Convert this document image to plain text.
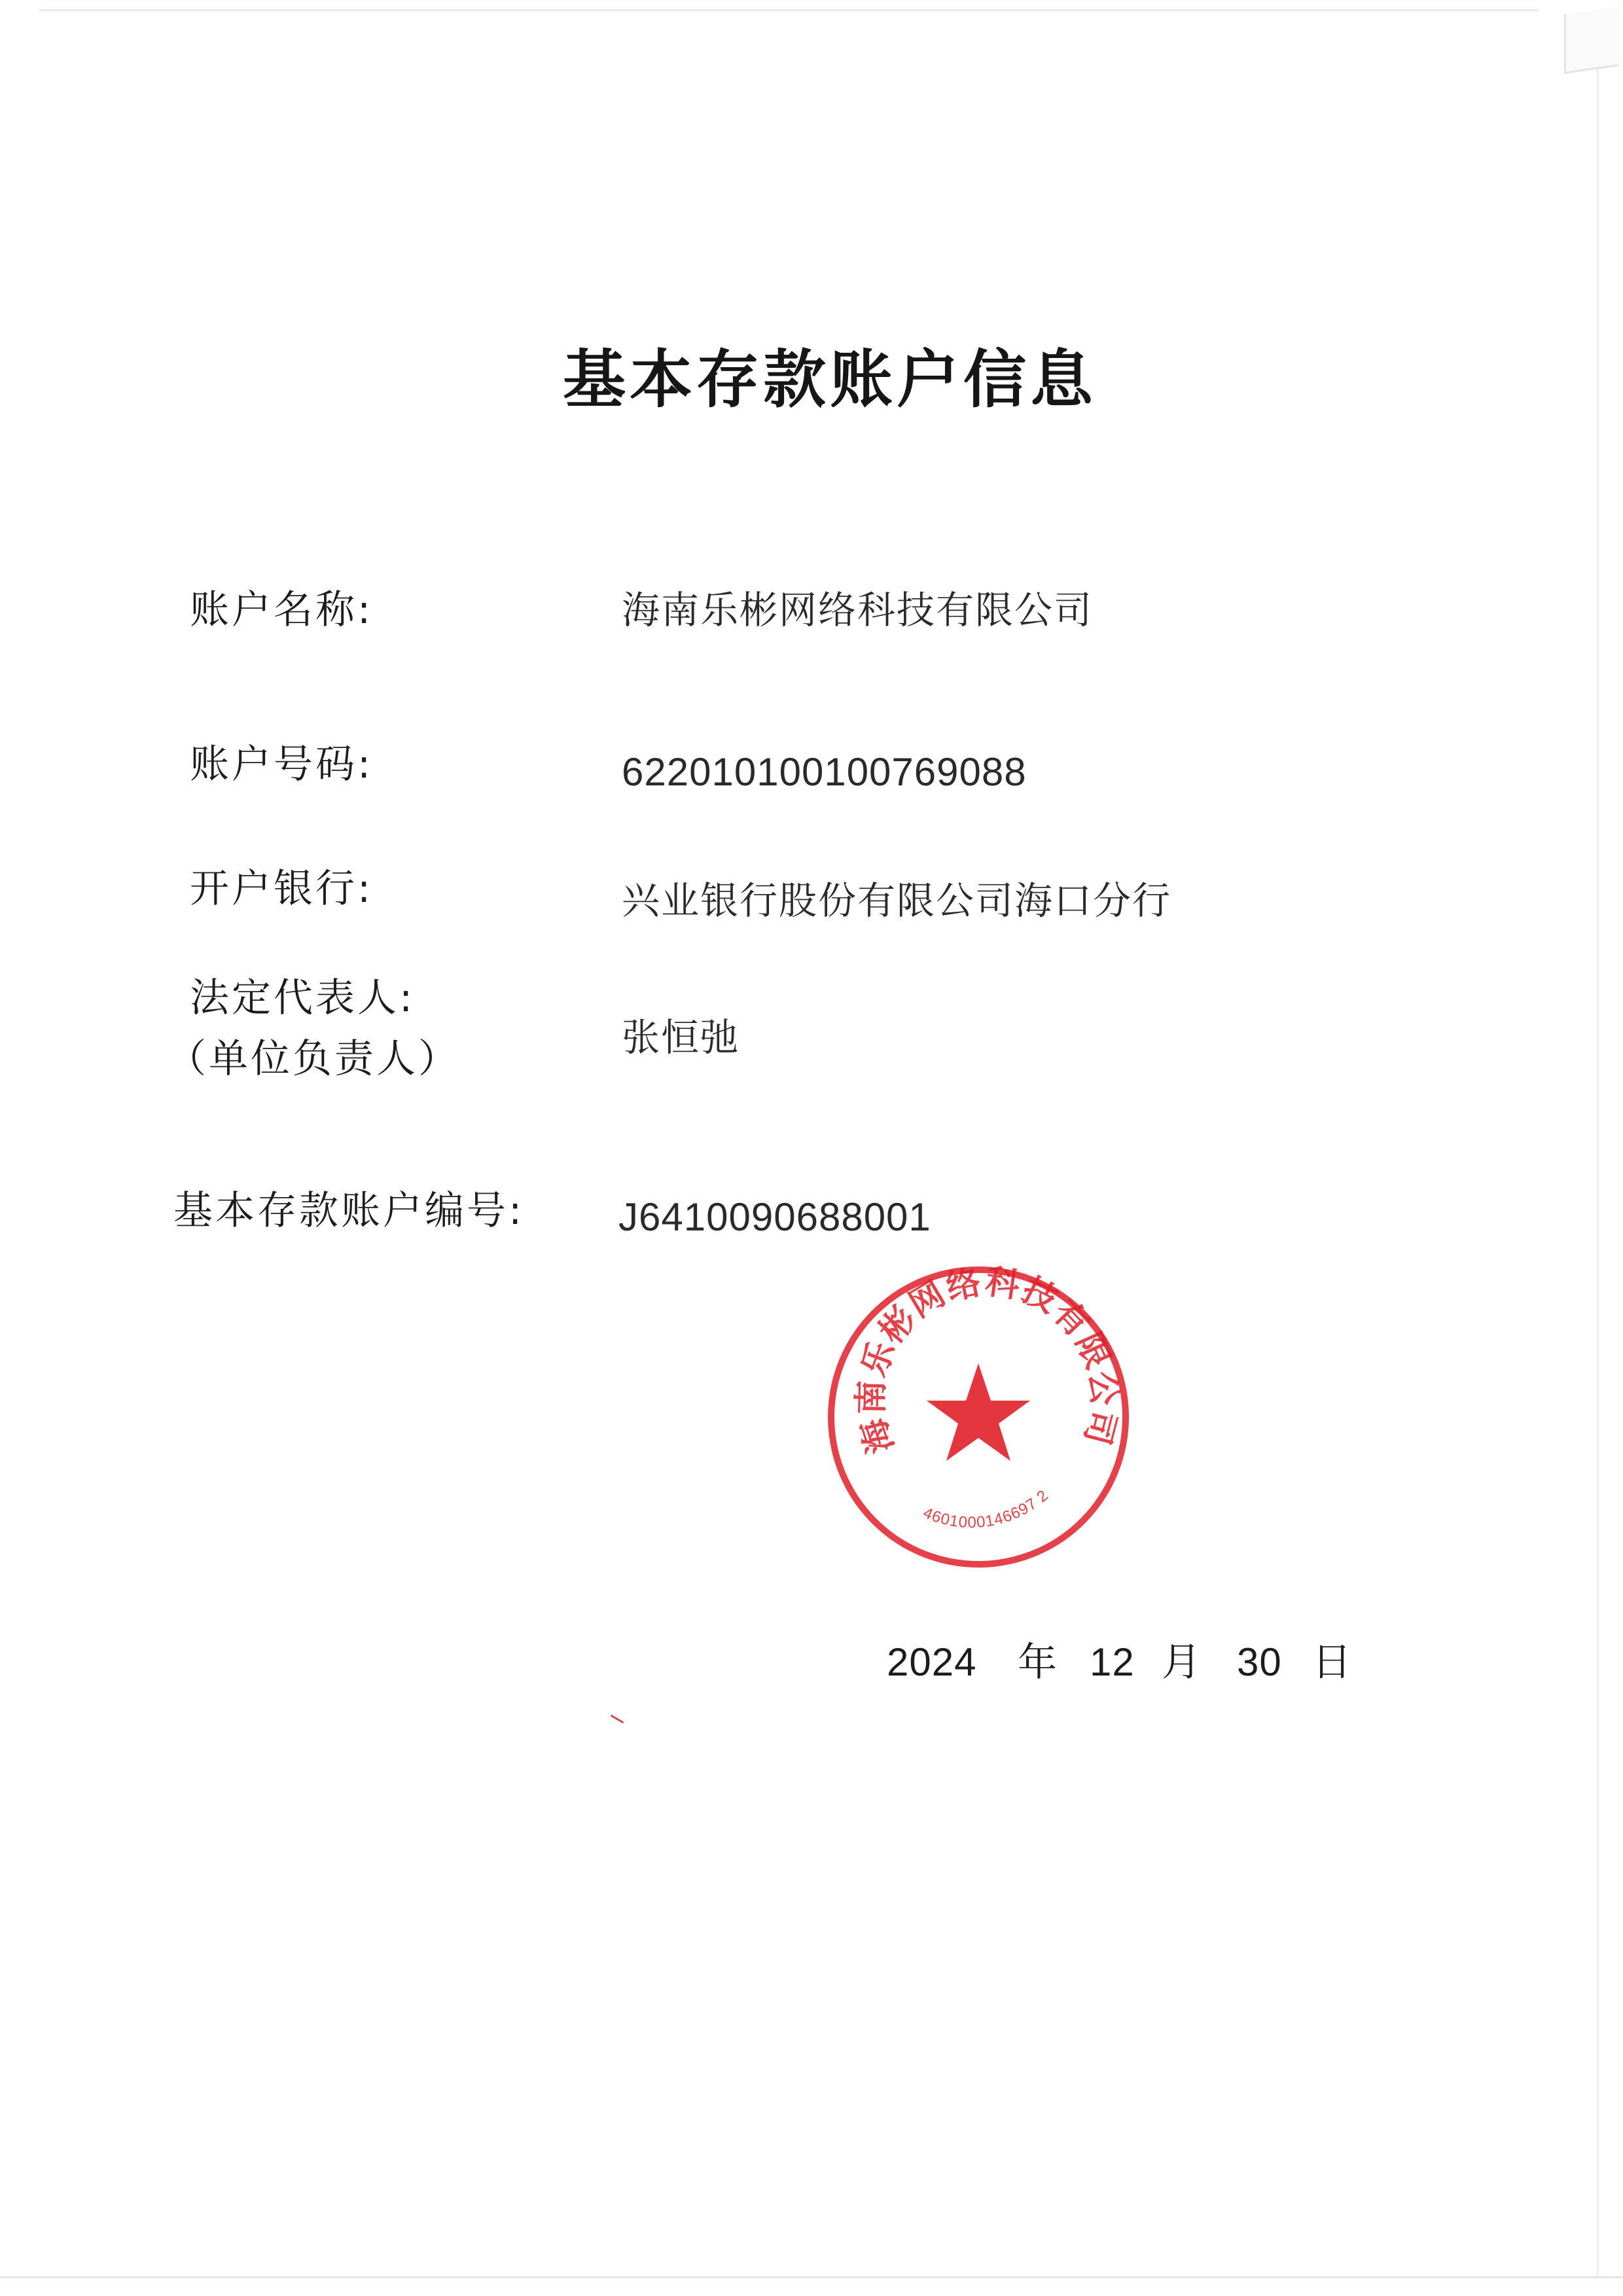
基本存款账户信息
账户名称:	海南乐彬网络科技有限公司
账户号码:	622010100100769088
开户银行:	兴业银行股份有限公司海口分行
法定代表人:
（单位负责人）	张恒弛
基本存款账户编号: J6410090688001
海南乐彬网络科技有限公司
4601000146697 2
2024 年 12 月 30 日
